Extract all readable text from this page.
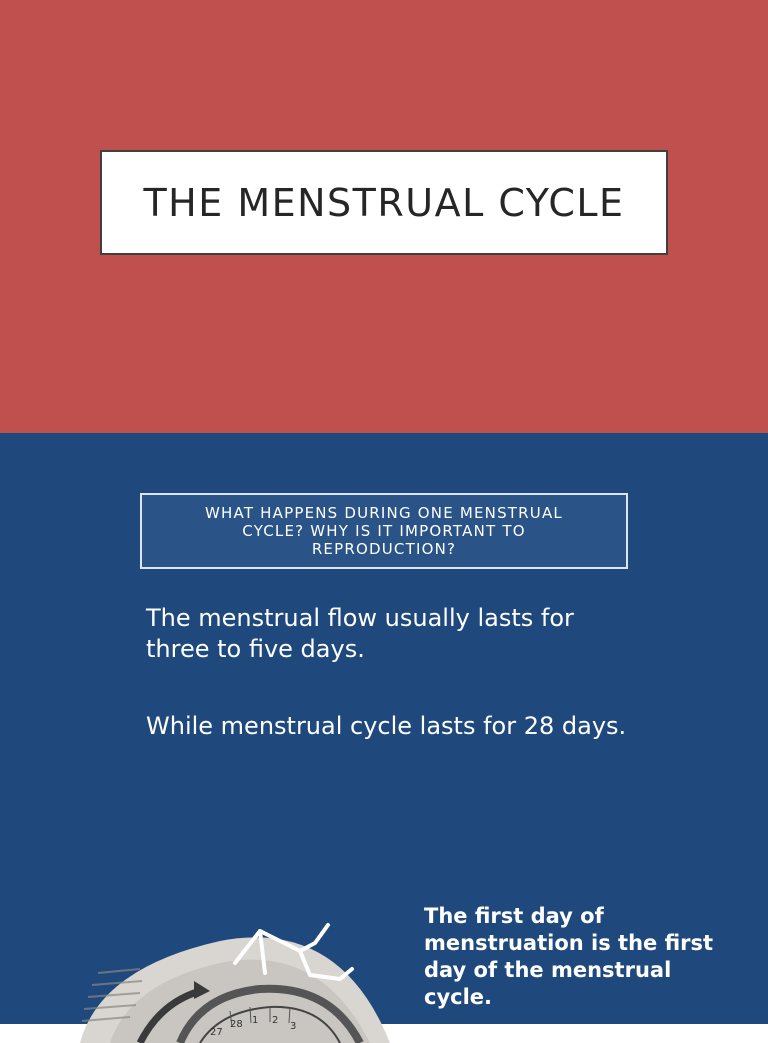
THE MENSTRUAL CYCLE
WHAT HAPPENS DURING ONE MENSTRUAL CYCLE? WHY IS IT IMPORTANT TO REPRODUCTION?
The menstrual flow usually lasts for three to five days.
While menstrual cycle lasts for 28 days.
27
28 1 2
3
The first day of menstruation is the first day of the menstrual cycle.
